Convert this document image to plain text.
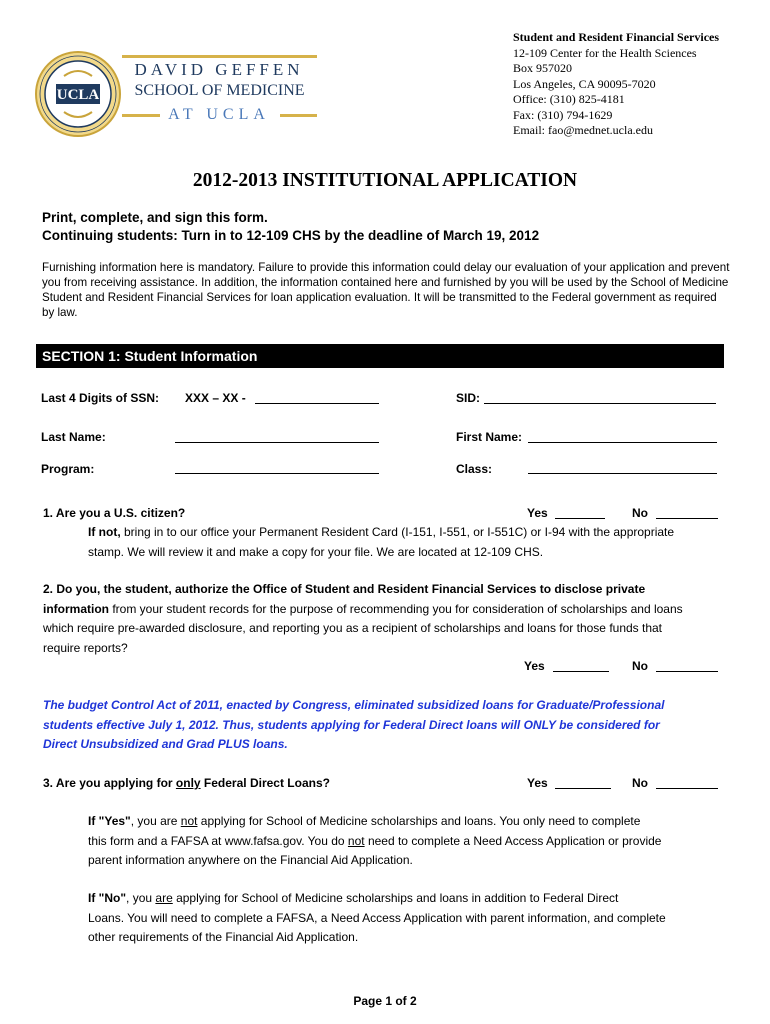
UCLA
DAVID GEFFEN
SCHOOL OF MEDICINE
AT UCLA
Student and Resident Financial Services
12-109 Center for the Health Sciences
Box 957020
Los Angeles, CA 90095-7020
Office: (310) 825-4181
Fax: (310) 794-1629
Email: fao@mednet.ucla.edu
2012-2013 INSTITUTIONAL APPLICATION
Print, complete, and sign this form.
Continuing students: Turn in to 12-109 CHS by the deadline of March 19, 2012
Furnishing information here is mandatory. Failure to provide this information could delay our evaluation of your application and prevent you from receiving assistance. In addition, the information contained here and furnished by you will be used by the School of Medicine Student and Resident Financial Services for loan application evaluation. It will be transmitted to the Federal government as required by law.
SECTION 1: Student Information
Last 4 Digits of SSN: XXX – XX -	SID:
Last Name:	First Name:
Program:	Class:
1. Are you a U.S. citizen?	Yes	No
If not, bring in to our office your Permanent Resident Card (I-151, I-551, or I-551C) or I-94 with the appropriate
stamp. We will review it and make a copy for your file. We are located at 12-109 CHS.
2. Do you, the student, authorize the Office of Student and Resident Financial Services to disclose private
information from your student records for the purpose of recommending you for consideration of scholarships and loans
which require pre-awarded disclosure, and reporting you as a recipient of scholarships and loans for those funds that
require reports?
Yes	No
The budget Control Act of 2011, enacted by Congress, eliminated subsidized loans for Graduate/Professional
students effective July 1, 2012. Thus, students applying for Federal Direct loans will ONLY be considered for
Direct Unsubsidized and Grad PLUS loans.
3. Are you applying for only Federal Direct Loans?	Yes	No
If "Yes", you are not applying for School of Medicine scholarships and loans. You only need to complete
this form and a FAFSA at www.fafsa.gov. You do not need to complete a Need Access Application or provide
parent information anywhere on the Financial Aid Application.
If "No", you are applying for School of Medicine scholarships and loans in addition to Federal Direct
Loans. You will need to complete a FAFSA, a Need Access Application with parent information, and complete
other requirements of the Financial Aid Application.
Page 1 of 2
